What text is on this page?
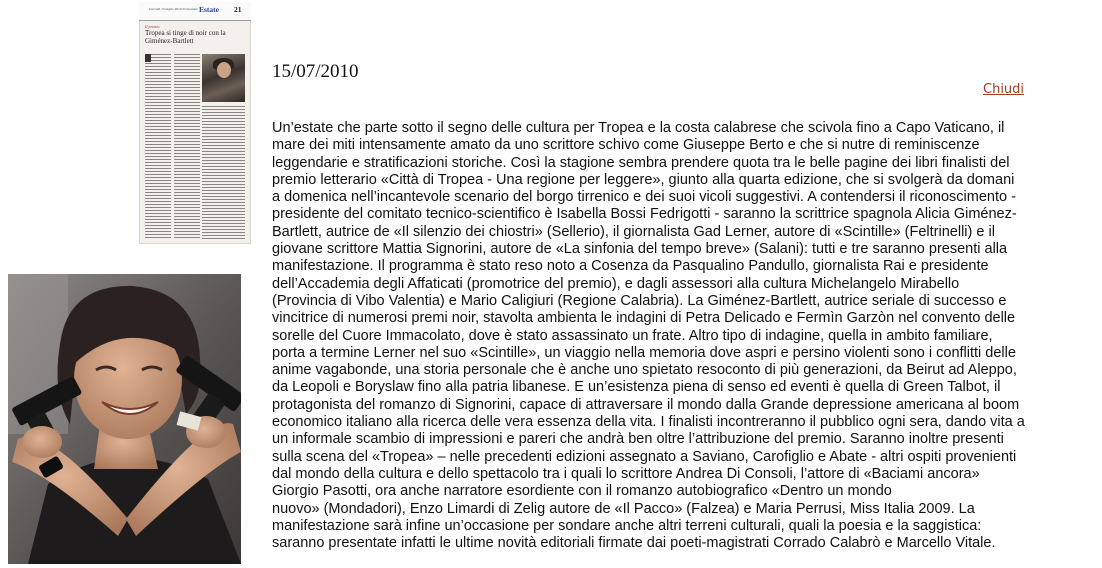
Giovedì 15 luglio 2010 Il Giornale Estate 21
Il premio
Tropea si tinge di noir con la Giménez-Bartlett
15/07/2010
Chiudi
Un’estate che parte sotto il segno delle cultura per Tropea e la costa calabrese che scivola fino a Capo Vaticano, il
mare dei miti intensamente amato da uno scrittore schivo come Giuseppe Berto e che si nutre di reminiscenze
leggendarie e stratificazioni storiche. Così la stagione sembra prendere quota tra le belle pagine dei libri finalisti del
premio letterario «Città di Tropea - Una regione per leggere», giunto alla quarta edizione, che si svolgerà da domani
a domenica nell’incantevole scenario del borgo tirrenico e dei suoi vicoli suggestivi. A contendersi il riconoscimento -
presidente del comitato tecnico-scientifico è Isabella Bossi Fedrigotti - saranno la scrittrice spagnola Alicia Giménez-
Bartlett, autrice de «Il silenzio dei chiostri» (Sellerio), il giornalista Gad Lerner, autore di «Scintille» (Feltrinelli) e il
giovane scrittore Mattia Signorini, autore de «La sinfonia del tempo breve» (Salani): tutti e tre saranno presenti alla
manifestazione. Il programma è stato reso noto a Cosenza da Pasqualino Pandullo, giornalista Rai e presidente
dell’Accademia degli Affaticati (promotrice del premio), e dagli assessori alla cultura Michelangelo Mirabello
(Provincia di Vibo Valentia) e Mario Caligiuri (Regione Calabria). La Giménez-Bartlett, autrice seriale di successo e
vincitrice di numerosi premi noir, stavolta ambienta le indagini di Petra Delicado e Fermìn Garzòn nel convento delle
sorelle del Cuore Immacolato, dove è stato assassinato un frate. Altro tipo di indagine, quella in ambito familiare,
porta a termine Lerner nel suo «Scintille», un viaggio nella memoria dove aspri e persino violenti sono i conflitti delle
anime vagabonde, una storia personale che è anche uno spietato resoconto di più generazioni, da Beirut ad Aleppo,
da Leopoli e Boryslaw fino alla patria libanese. E un’esistenza piena di senso ed eventi è quella di Green Talbot, il
protagonista del romanzo di Signorini, capace di attraversare il mondo dalla Grande depressione americana al boom
economico italiano alla ricerca delle vera essenza della vita. I finalisti incontreranno il pubblico ogni sera, dando vita a
un informale scambio di impressioni e pareri che andrà ben oltre l’attribuzione del premio. Saranno inoltre presenti
sulla scena del «Tropea» – nelle precedenti edizioni assegnato a Saviano, Carofiglio e Abate - altri ospiti provenienti
dal mondo della cultura e dello spettacolo tra i quali lo scrittore Andrea Di Consoli, l’attore di «Baciami ancora»
Giorgio Pasotti, ora anche narratore esordiente con il romanzo autobiografico «Dentro un mondo
nuovo» (Mondadori), Enzo Limardi di Zelig autore de «Il Pacco» (Falzea) e Maria Perrusi, Miss Italia 2009. La
manifestazione sarà infine un’occasione per sondare anche altri terreni culturali, quali la poesia e la saggistica:
saranno presentate infatti le ultime novità editoriali firmate dai poeti-magistrati Corrado Calabrò e Marcello Vitale.
